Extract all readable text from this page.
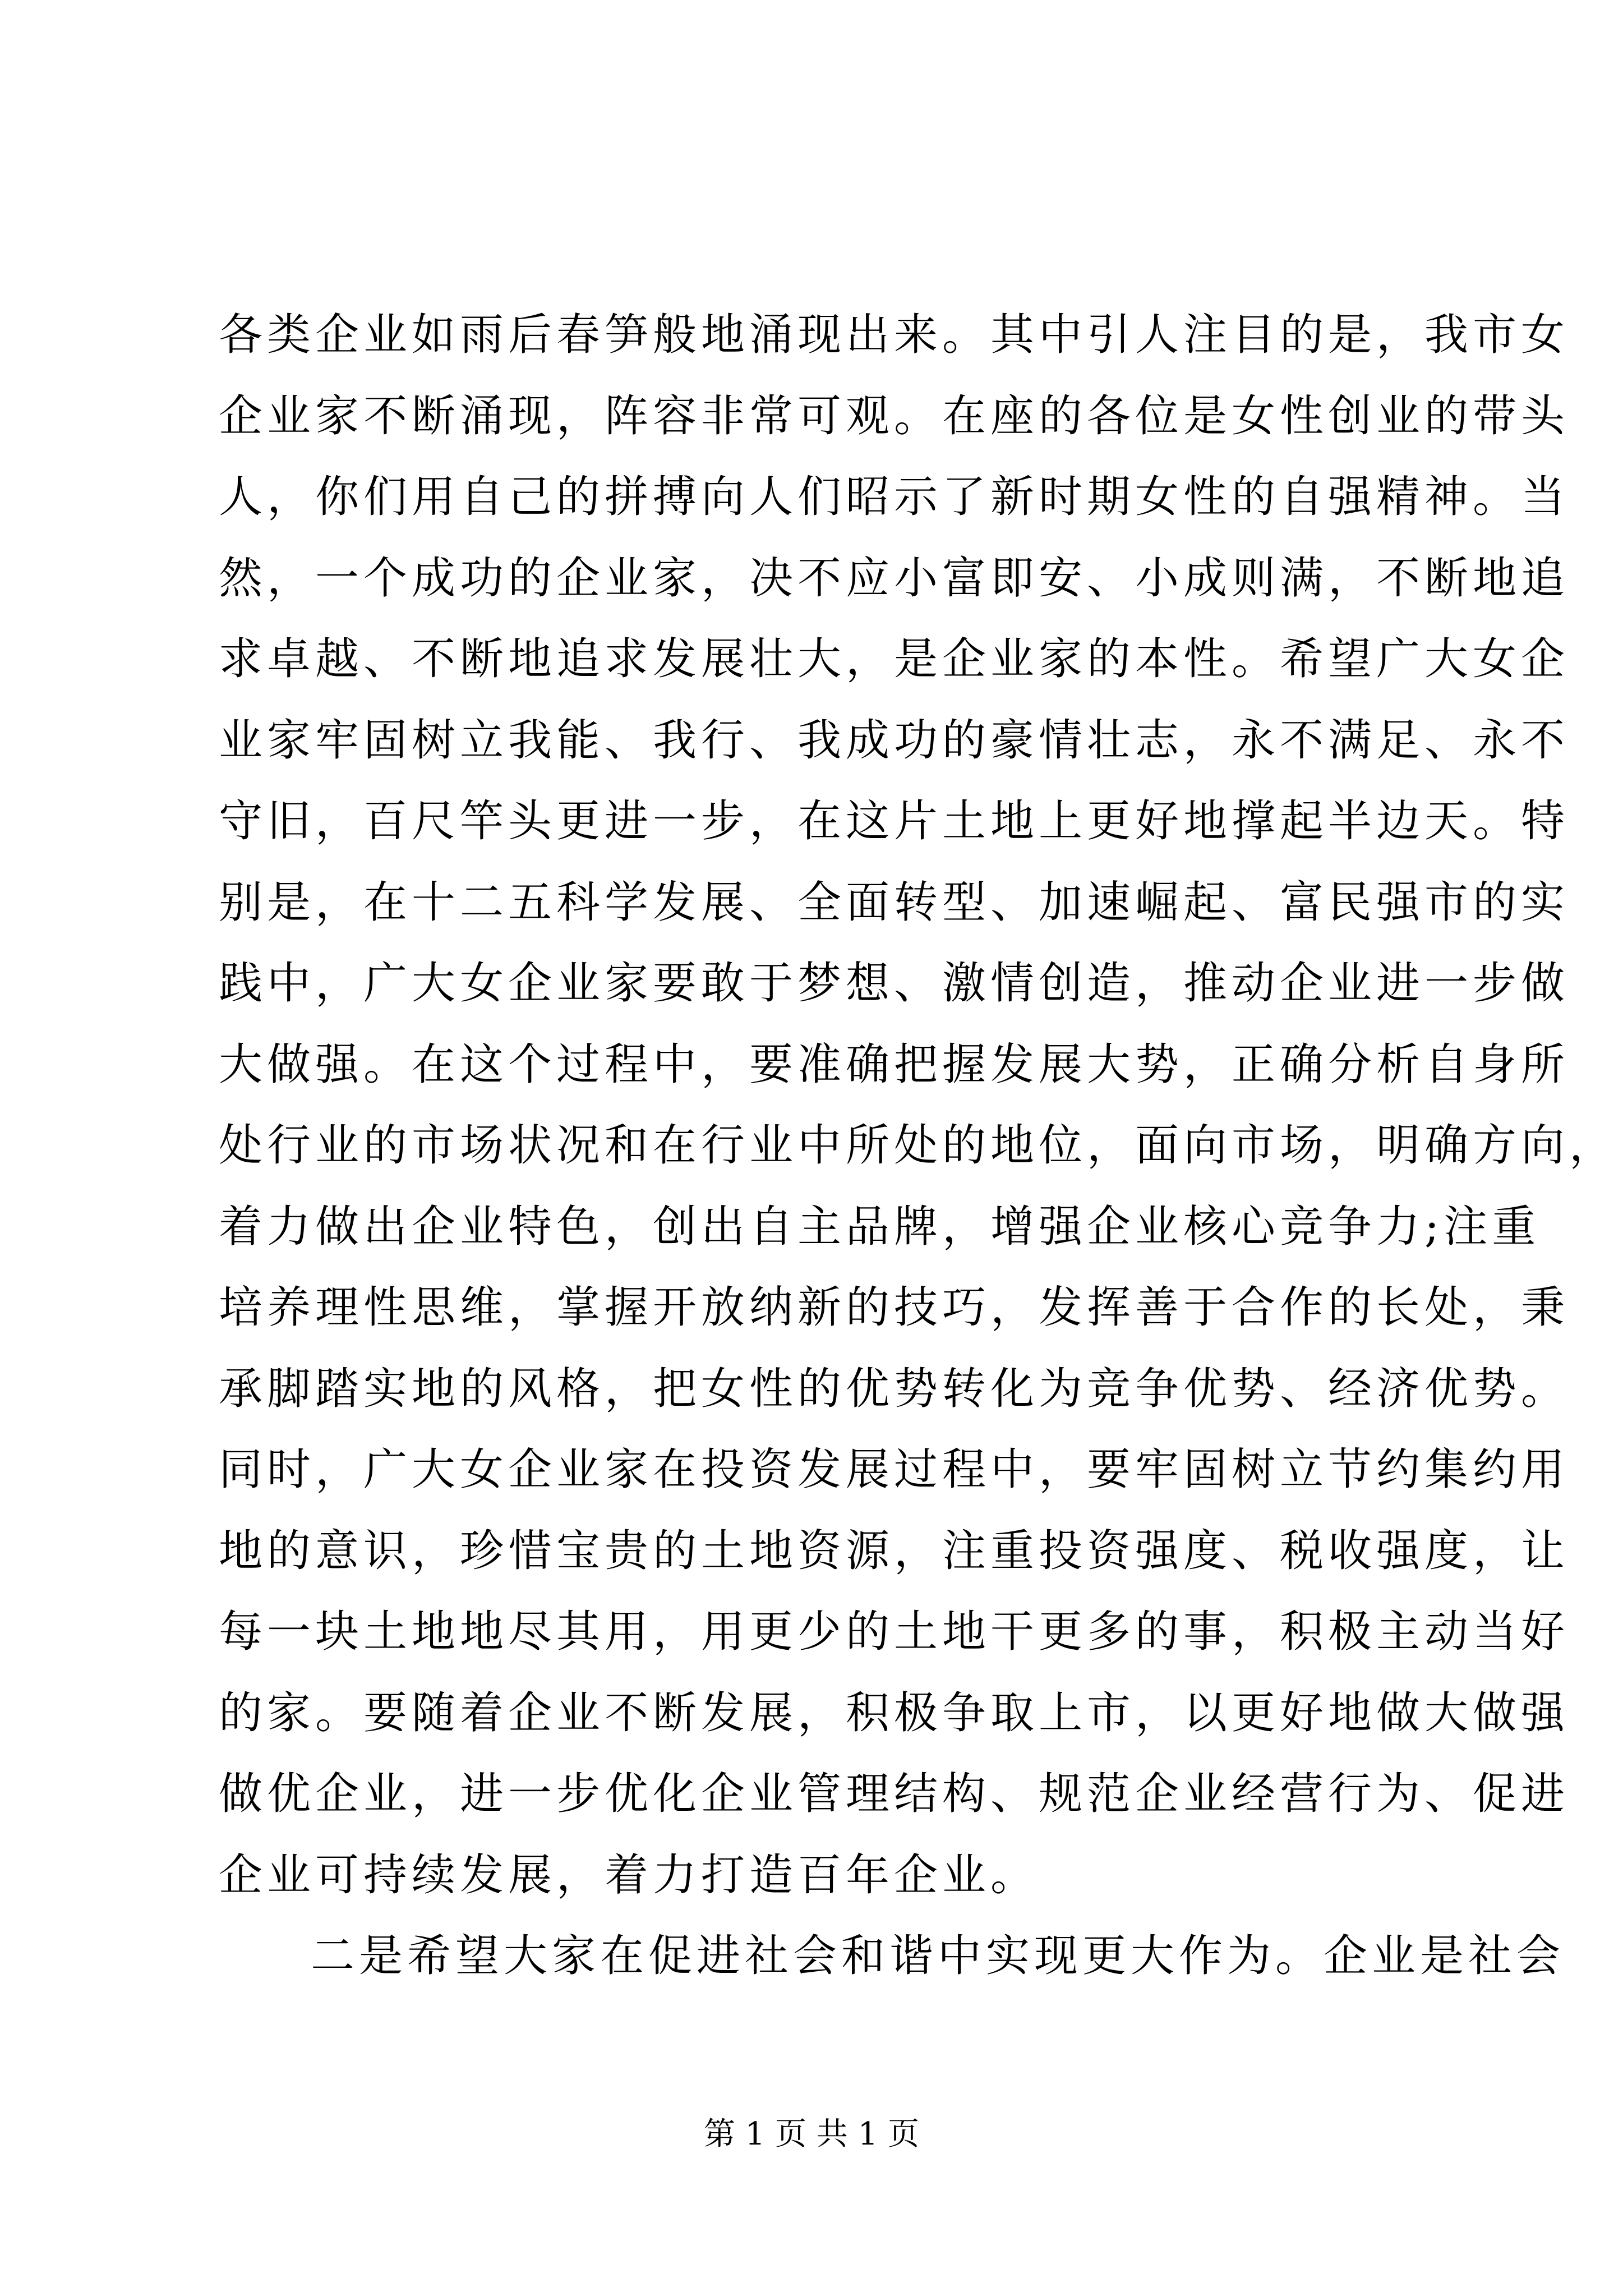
各类企业如雨后春笋般地涌现出来。其中引人注目的是，我市女
企业家不断涌现，阵容非常可观。在座的各位是女性创业的带头
人，你们用自己的拼搏向人们昭示了新时期女性的自强精神。当
然，一个成功的企业家，决不应小富即安、小成则满，不断地追
求卓越、不断地追求发展壮大，是企业家的本性。希望广大女企
业家牢固树立我能、我行、我成功的豪情壮志，永不满足、永不
守旧，百尺竿头更进一步，在这片土地上更好地撑起半边天。特
别是，在十二五科学发展、全面转型、加速崛起、富民强市的实
践中，广大女企业家要敢于梦想、激情创造，推动企业进一步做
大做强。在这个过程中，要准确把握发展大势，正确分析自身所
处行业的市场状况和在行业中所处的地位，面向市场，明确方向，
着力做出企业特色，创出自主品牌，增强企业核心竞争力;注重
培养理性思维，掌握开放纳新的技巧，发挥善于合作的长处，秉
承脚踏实地的风格，把女性的优势转化为竞争优势、经济优势。
同时，广大女企业家在投资发展过程中，要牢固树立节约集约用
地的意识，珍惜宝贵的土地资源，注重投资强度、税收强度，让
每一块土地地尽其用，用更少的土地干更多的事，积极主动当好
的家。要随着企业不断发展，积极争取上市，以更好地做大做强
做优企业，进一步优化企业管理结构、规范企业经营行为、促进
企业可持续发展，着力打造百年企业。
二是希望大家在促进社会和谐中实现更大作为。企业是社会
第 1 页 共 1 页
